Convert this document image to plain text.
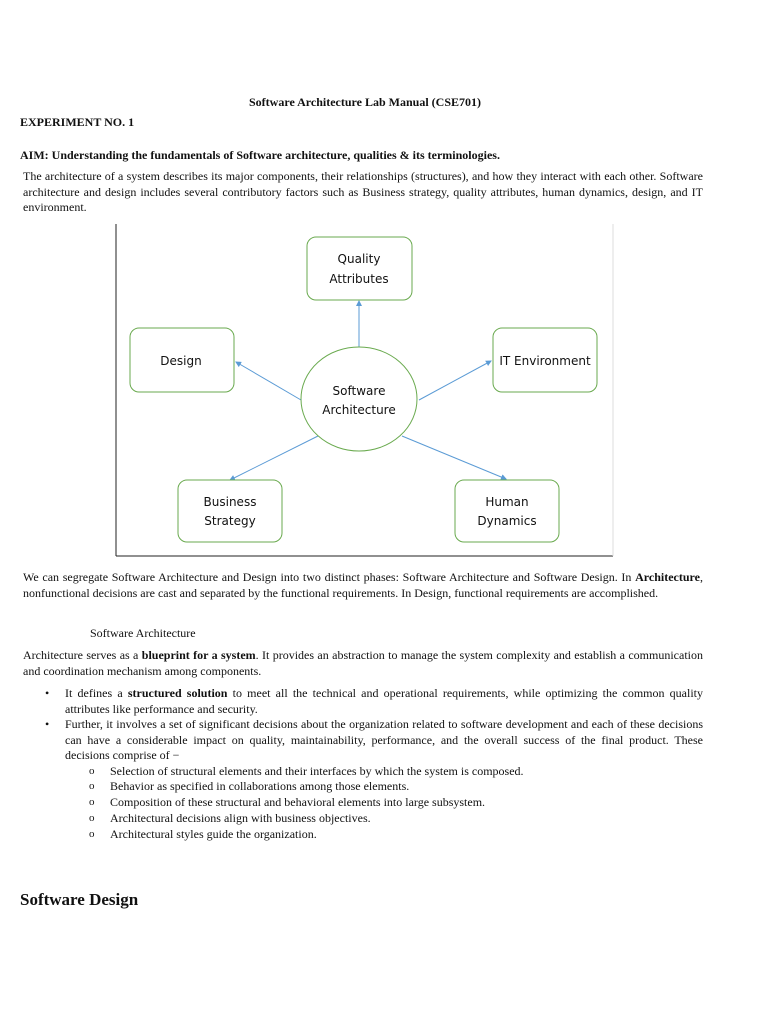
Software Architecture Lab Manual (CSE701)
EXPERIMENT NO. 1
AIM: Understanding the fundamentals of Software architecture, qualities & its terminologies.
The architecture of a system describes its major components, their relationships (structures), and how they interact with each other. Software architecture and design includes several contributory factors such as Business strategy, quality attributes, human dynamics, design, and IT environment.
Software
Architecture
Quality
Attributes
Design	IT Environment
Business
Strategy
Human
Dynamics
We can segregate Software Architecture and Design into two distinct phases: Software Architecture and Software Design. In Architecture, nonfunctional decisions are cast and separated by the functional requirements. In Design, functional requirements are accomplished.
Software Architecture
Architecture serves as a blueprint for a system. It provides an abstraction to manage the system complexity and establish a communication and coordination mechanism among components.
• It defines a structured solution to meet all the technical and operational requirements, while optimizing the common quality attributes like performance and security.
• Further, it involves a set of significant decisions about the organization related to software development and each of these decisions can have a considerable impact on quality, maintainability, performance, and the overall success of the final product. These decisions comprise of −
o Selection of structural elements and their interfaces by which the system is composed.
o Behavior as specified in collaborations among those elements.
o Composition of these structural and behavioral elements into large subsystem.
o Architectural decisions align with business objectives.
o Architectural styles guide the organization.
Software Design
